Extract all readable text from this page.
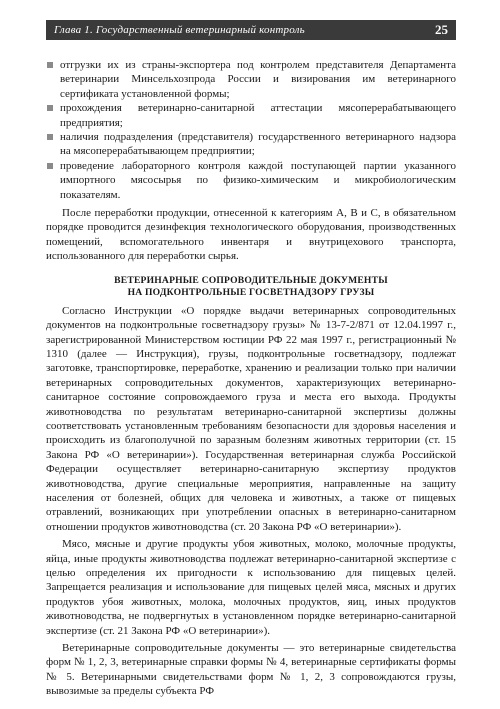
Глава 1. Государственный ветеринарный контроль	25
отгрузки их из страны-экспортера под контролем представителя Департамента ветеринарии Минсельхозпрода России и визирования им ветеринарного сертификата установленной формы;
прохождения ветеринарно-санитарной аттестации мясоперерабатывающего предприятия;
наличия подразделения (представителя) государственного ветеринарного надзора на мясоперерабатывающем предприятии;
проведение лабораторного контроля каждой поступающей партии указанного импортного мясосырья по физико-химическим и микробиологическим показателям.

После переработки продукции, отнесенной к категориям А, В и С, в обязательном порядке проводится дезинфекция технологического оборудования, производственных помещений, вспомогательного инвентаря и внутрицехового транспорта, использованного для переработки сырья.

ВЕТЕРИНАРНЫЕ СОПРОВОДИТЕЛЬНЫЕ ДОКУМЕНТЫ
НА ПОДКОНТРОЛЬНЫЕ ГОСВЕТНАДЗОРУ ГРУЗЫ

Согласно Инструкции «О порядке выдачи ветеринарных сопроводительных документов на подконтрольные госветнадзору грузы» № 13-7-2/871 от 12.04.1997 г., зарегистрированной Министерством юстиции РФ 22 мая 1997 г., регистрационный № 1310 (далее — Инструкция), грузы, подконтрольные госветнадзору, подлежат заготовке, транспортировке, переработке, хранению и реализации только при наличии ветеринарных сопроводительных документов, характеризующих ветеринарно-санитарное состояние сопровождаемого груза и места его выхода. Продукты животноводства по результатам ветеринарно-санитарной экспертизы должны соответствовать установленным требованиям безопасности для здоровья населения и происходить из благополучной по заразным болезням животных территории (ст. 15 Закона РФ «О ветеринарии»). Государственная ветеринарная служба Российской Федерации осуществляет ветеринарно-санитарную экспертизу продуктов животноводства, другие специальные мероприятия, направленные на защиту населения от болезней, общих для человека и животных, а также от пищевых отравлений, возникающих при употреблении опасных в ветеринарно-санитарном отношении продуктов животноводства (ст. 20 Закона РФ «О ветеринарии»).

Мясо, мясные и другие продукты убоя животных, молоко, молочные продукты, яйца, иные продукты животноводства подлежат ветеринарно-санитарной экспертизе с целью определения их пригодности к использованию для пищевых целей. Запрещается реализация и использование для пищевых целей мяса, мясных и других продуктов убоя животных, молока, молочных продуктов, яиц, иных продуктов животноводства, не подвергнутых в установленном порядке ветеринарно-санитарной экспертизе (ст. 21 Закона РФ «О ветеринарии»).

Ветеринарные сопроводительные документы — это ветеринарные свидетельства форм № 1, 2, 3, ветеринарные справки формы № 4, ветеринарные сертификаты формы № 5. Ветеринарными свидетельствами форм № 1, 2, 3 сопровождаются грузы, вывозимые за пределы субъекта РФ
